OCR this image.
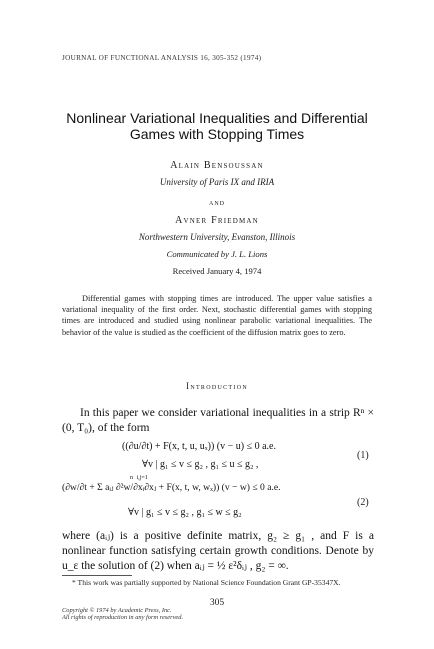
JOURNAL OF FUNCTIONAL ANALYSIS 16, 305-352 (1974)
Nonlinear Variational Inequalities and Differential
Games with Stopping Times
Alain Bensoussan
University of Paris IX and IRIA
and
Avner Friedman
Northwestern University, Evanston, Illinois
Communicated by J. L. Lions
Received January 4, 1974
Differential games with stopping times are introduced. The upper value satisfies a variational inequality of the first order. Next, stochastic differential games with stopping times are introduced and studied using nonlinear parabolic variational inequalities. The behavior of the value is studied as the coefficient of the diffusion matrix goes to zero.
Introduction
In this paper we consider variational inequalities in a strip Rⁿ × (0, T₀), of the form
((∂u/∂t) + F(x, t, u, uₓ)) (v − u) ≤ 0 a.e.
∀v | g₁ ≤ v ≤ g₂ , g₁ ≤ u ≤ g₂ ,
(1)
(∂w/∂t + Σ aᵢⱼ ∂²w/∂xᵢ∂xⱼ + F(x, t, w, wₓ)) (v − w) ≤ 0 a.e.
n i,j=1
∀v | g₁ ≤ v ≤ g₂ , g₁ ≤ w ≤ g₂
(2)
where (aᵢⱼ) is a positive definite matrix, g₂ ≥ g₁ , and F is a nonlinear function satisfying certain growth conditions. Denote by u_ε the solution of (2) when aᵢⱼ = ½ ε²δᵢⱼ , g₂ = ∞.
* This work was partially supported by National Science Foundation Grant GP-35347X.
305
Copyright © 1974 by Academic Press, Inc.
All rights of reproduction in any form reserved.
